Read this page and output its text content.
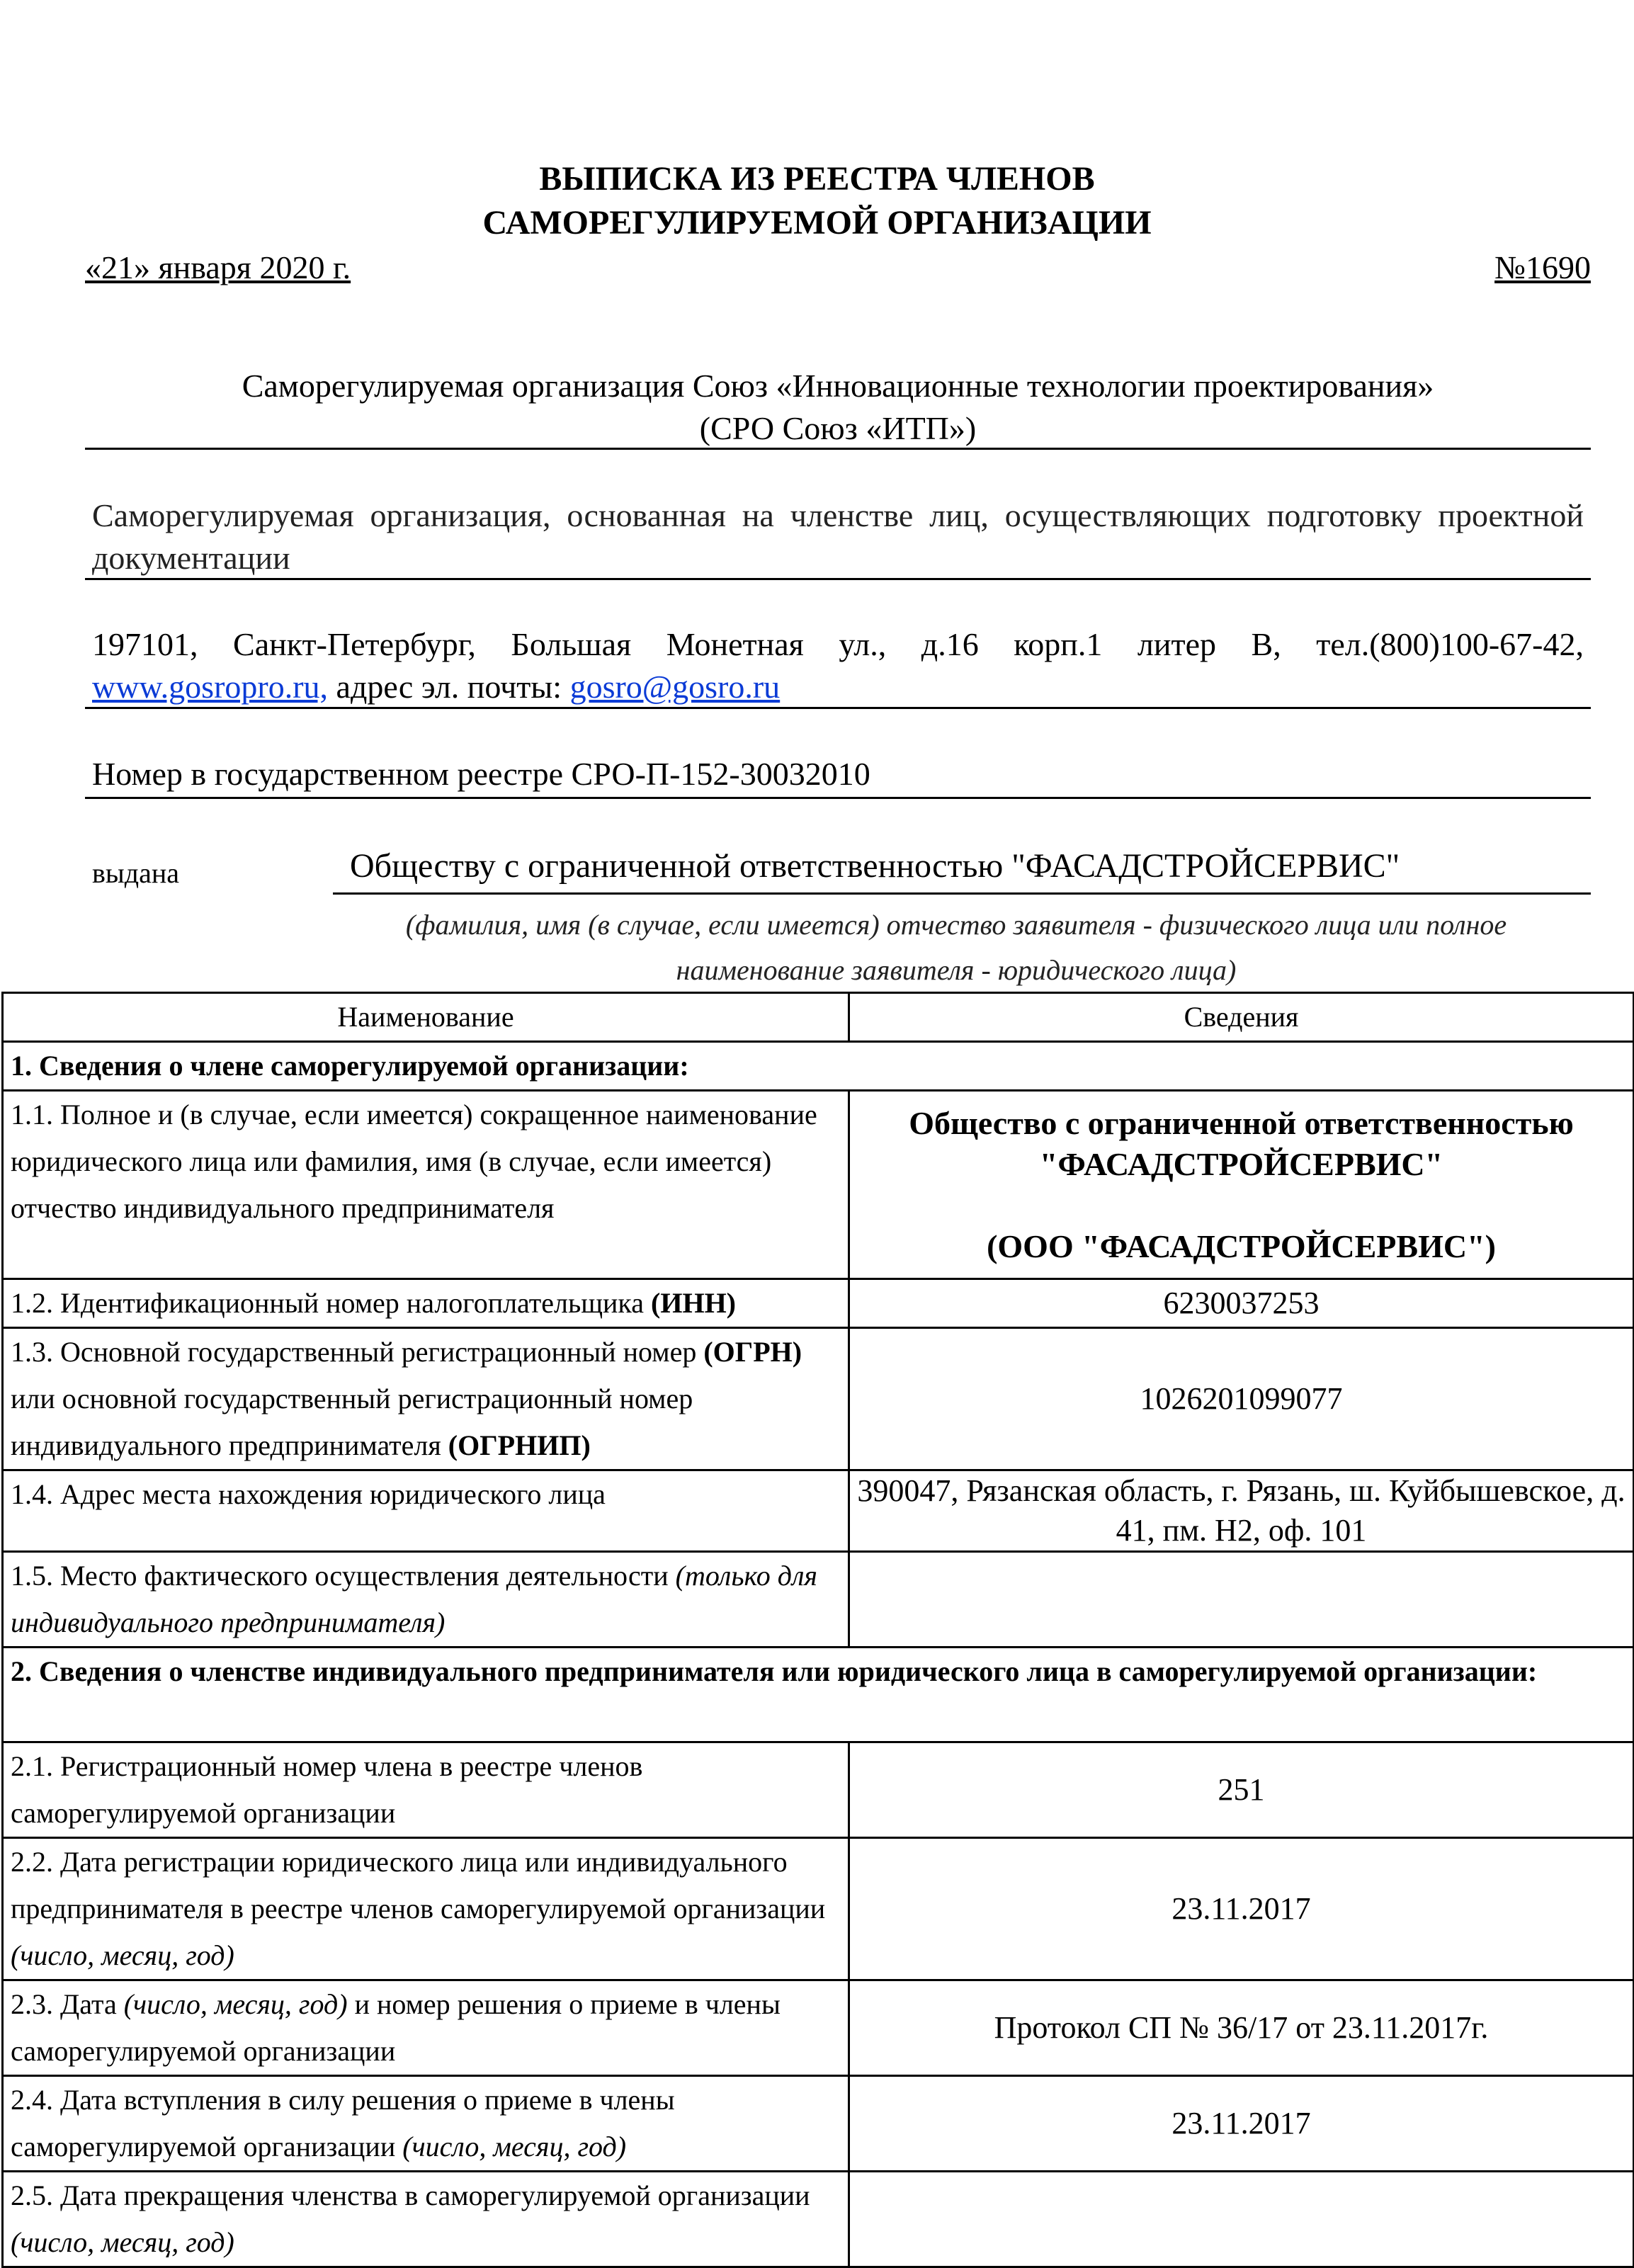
ВЫПИСКА ИЗ РЕЕСТРА ЧЛЕНОВ
САМОРЕГУЛИРУЕМОЙ ОРГАНИЗАЦИИ
«21» января 2020 г.	№1690
Саморегулируемая организация Союз «Инновационные технологии проектирования»
(СРО Союз «ИТП»)
Саморегулируемая организация, основанная на членстве лиц, осуществляющих подготовку проектной документации
197101, Санкт-Петербург, Большая Монетная ул., д.16 корп.1 литер В, тел.(800)100-67-42, www.gosropro.ru, адрес эл. почты: gosro@gosro.ru
Номер в государственном реестре СРО-П-152-30032010
выдана	Обществу с ограниченной ответственностью "ФАСАДСТРОЙСЕРВИС"
(фамилия, имя (в случае, если имеется) отчество заявителя - физического лица или полное
наименование заявителя - юридического лица)
Наименование	Сведения
1. Сведения о члене саморегулируемой организации:	
1.1. Полное и (в случае, если имеется) сокращенное наименование юридического лица или фамилия, имя (в случае, если имеется) отчество индивидуального предпринимателя	Общество с ограниченной ответственностью "ФАСАДСТРОЙСЕРВИС"
(ООО "ФАСАДСТРОЙСЕРВИС")

1.2. Идентификационный номер налогоплательщика (ИНН)	6230037253
1.3. Основной государственный регистрационный номер (ОГРН) или основной государственный регистрационный номер индивидуального предпринимателя (ОГРНИП)	1026201099077
1.4. Адрес места нахождения юридического лица	390047, Рязанская область, г. Рязань, ш. Куйбышевское, д. 41, пм. Н2, оф. 101
1.5. Место фактического осуществления деятельности (только для индивидуального предпринимателя)	
2. Сведения о членстве индивидуального предпринимателя или юридического лица в саморегулируемой организации:	
2.1. Регистрационный номер члена в реестре членов саморегулируемой организации	251
2.2. Дата регистрации юридического лица или индивидуального предпринимателя в реестре членов саморегулируемой организации (число, месяц, год)	23.11.2017
2.3. Дата (число, месяц, год) и номер решения о приеме в члены саморегулируемой организации	Протокол СП № 36/17 от 23.11.2017г.
2.4. Дата вступления в силу решения о приеме в члены саморегулируемой организации (число, месяц, год)	23.11.2017
2.5. Дата прекращения членства в саморегулируемой организации (число, месяц, год)	
